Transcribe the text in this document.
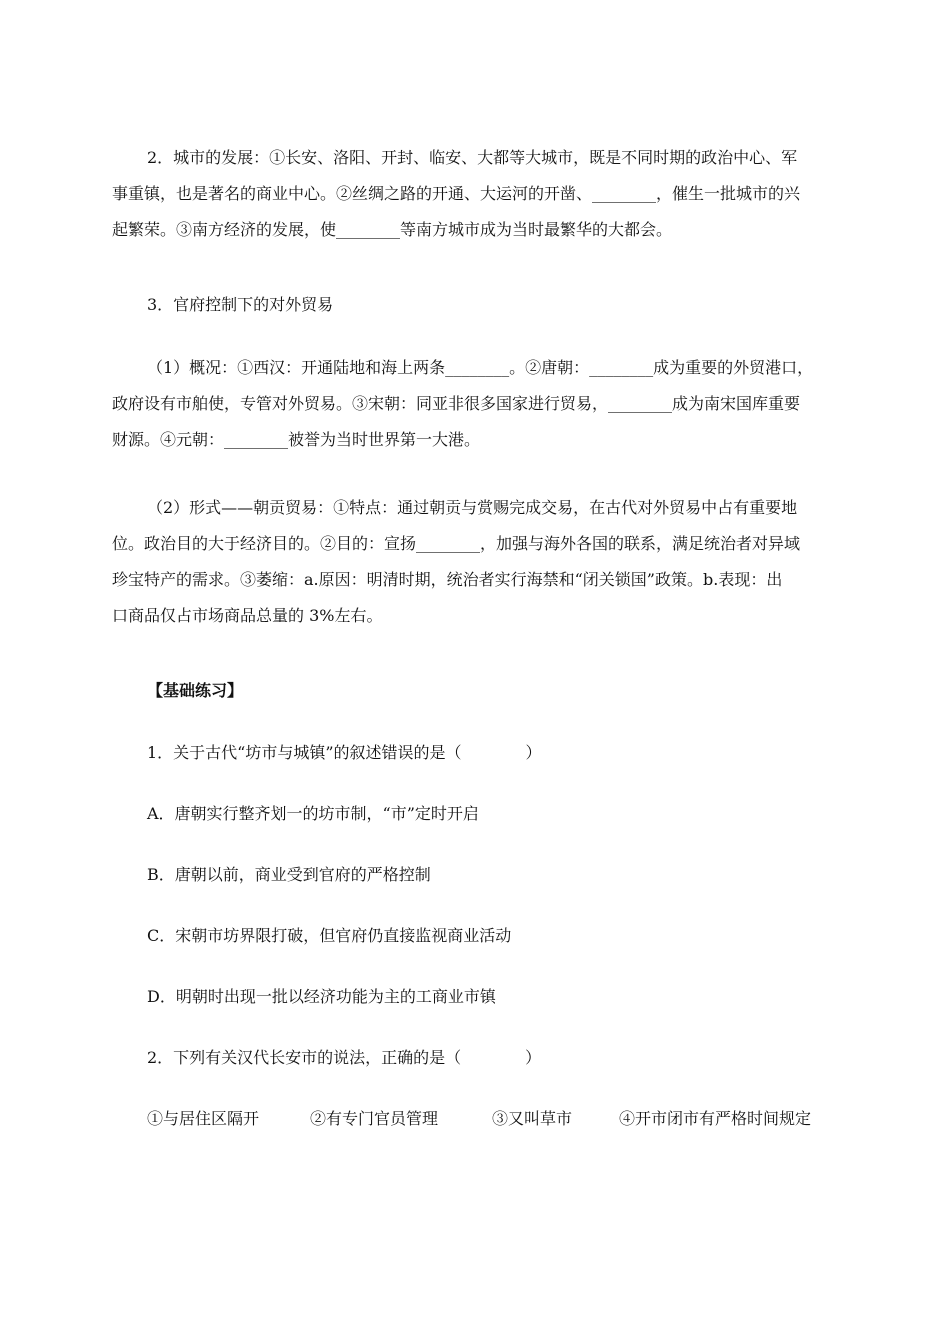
2．城市的发展：①长安、洛阳、开封、临安、大都等大城市，既是不同时期的政治中心、军
事重镇，也是著名的商业中心。②丝绸之路的开通、大运河的开凿、________，催生一批城市的兴
起繁荣。③南方经济的发展，使________等南方城市成为当时最繁华的大都会。
3．官府控制下的对外贸易
（1）概况：①西汉：开通陆地和海上两条________。②唐朝：________成为重要的外贸港口，
政府设有市舶使，专管对外贸易。③宋朝：同亚非很多国家进行贸易，________成为南宋国库重要
财源。④元朝：________被誉为当时世界第一大港。
（2）形式——朝贡贸易：①特点：通过朝贡与赏赐完成交易，在古代对外贸易中占有重要地
位。政治目的大于经济目的。②目的：宣扬________，加强与海外各国的联系，满足统治者对异域
珍宝特产的需求。③萎缩：a.原因：明清时期，统治者实行海禁和“闭关锁国”政策。b.表现：出
口商品仅占市场商品总量的 3%左右。
【基础练习】
1．关于古代“坊市与城镇”的叙述错误的是（　　　　）
A．唐朝实行整齐划一的坊市制，“市”定时开启
B．唐朝以前，商业受到官府的严格控制
C．宋朝市坊界限打破，但官府仍直接监视商业活动
D．明朝时出现一批以经济功能为主的工商业市镇
2．下列有关汉代长安市的说法，正确的是（　　　　）
①与居住区隔开	②有专门官员管理	③又叫草市	④开市闭市有严格时间规定
